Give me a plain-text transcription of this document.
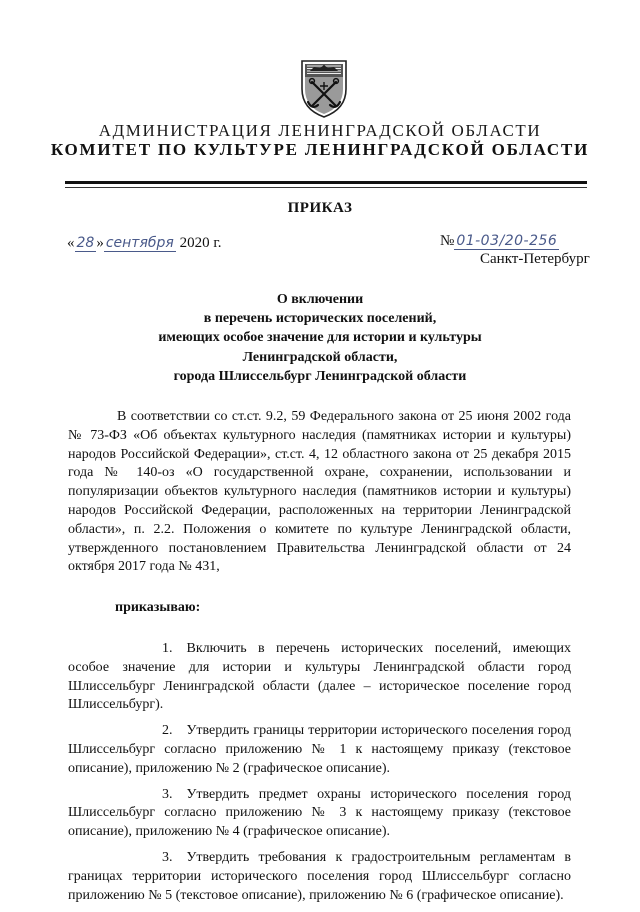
АДМИНИСТРАЦИЯ ЛЕНИНГРАДСКОЙ ОБЛАСТИ
КОМИТЕТ ПО КУЛЬТУРЕ ЛЕНИНГРАДСКОЙ ОБЛАСТИ
ПРИКАЗ
« 28 » сентября 2020 г.	№ 01-03/20-256
Санкт-Петербург
О включении
в перечень исторических поселений,
имеющих особое значение для истории и культуры
Ленинградской области,
города Шлиссельбург Ленинградской области

В соответствии со ст.ст. 9.2, 59 Федерального закона от 25 июня 2002 года № 73-ФЗ «Об объектах культурного наследия (памятниках истории и культуры) народов Российской Федерации», ст.ст. 4, 12 областного закона от 25 декабря 2015 года № 140-оз «О государственной охране, сохранении, использовании и популяризации объектов культурного наследия (памятников истории и культуры) народов Российской Федерации, расположенных на территории Ленинградской области», п. 2.2. Положения о комитете по культуре Ленинградской области, утвержденного постановлением Правительства Ленинградской области от 24 октября 2017 года № 431,

приказываю:

1. Включить в перечень исторических поселений, имеющих особое значение для истории и культуры Ленинградской области город Шлиссельбург Ленинградской области (далее – историческое поселение город Шлиссельбург).

2. Утвердить границы территории исторического поселения город Шлиссельбург согласно приложению № 1 к настоящему приказу (текстовое описание), приложению № 2 (графическое описание).

3. Утвердить предмет охраны исторического поселения город Шлиссельбург согласно приложению № 3 к настоящему приказу (текстовое описание), приложению № 4 (графическое описание).

3. Утвердить требования к градостроительным регламентам в границах территории исторического поселения город Шлиссельбург согласно приложению № 5 (текстовое описание), приложению № 6 (графическое описание).
